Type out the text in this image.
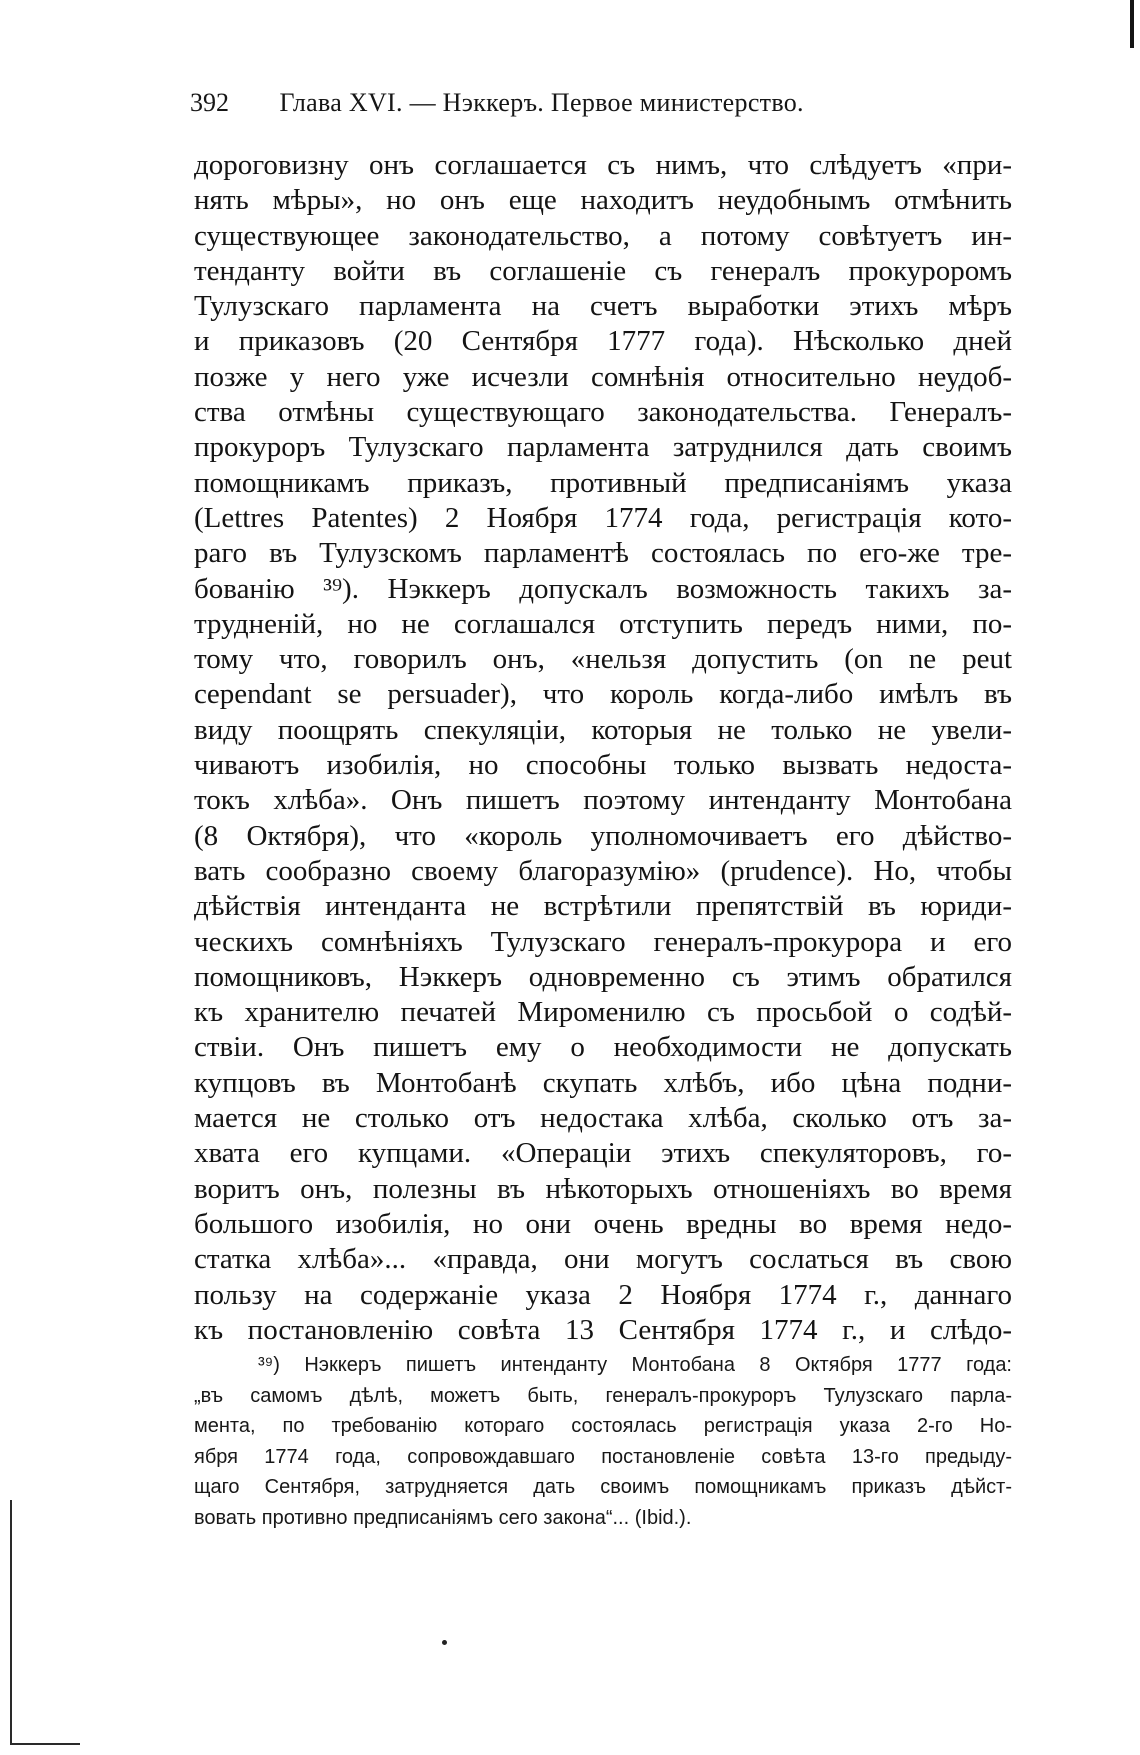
392 Глава XVI. — Нэккеръ. Первое министерство.
дороговизну онъ соглашается съ нимъ, что слѣдуетъ «при-
нять мѣры», но онъ еще находитъ неудобнымъ отмѣнить
существующее законодательство, а потому совѣтуетъ ин-
тенданту войти въ соглашеніе съ генералъ прокуроромъ
Тулузскаго парламента на счетъ выработки этихъ мѣръ
и приказовъ (20 Сентября 1777 года). Нѣсколько дней
позже у него уже исчезли сомнѣнія относительно неудоб-
ства отмѣны существующаго законодательства. Генералъ-
прокуроръ Тулузскаго парламента затруднился дать своимъ
помощникамъ приказъ, противный предписаніямъ указа
(Lettres Patentes) 2 Ноября 1774 года, регистрація кото-
раго въ Тулузскомъ парламентѣ состоялась по его-же тре-
бованію ³⁹). Нэккеръ допускалъ возможность такихъ за-
трудненій, но не соглашался отступить передъ ними, по-
тому что, говорилъ онъ, «нельзя допустить (on ne peut
cependant se persuader), что король когда-либо имѣлъ въ
виду поощрять спекуляціи, которыя не только не увели-
чиваютъ изобилія, но способны только вызвать недоста-
токъ хлѣба». Онъ пишетъ поэтому интенданту Монтобана
(8 Октября), что «король уполномочиваетъ его дѣйство-
вать сообразно своему благоразумію» (prudence). Но, чтобы
дѣйствія интенданта не встрѣтили препятствій въ юриди-
ческихъ сомнѣніяхъ Тулузскаго генералъ-прокурора и его
помощниковъ, Нэккеръ одновременно съ этимъ обратился
къ хранителю печатей Мироменилю съ просьбой о содѣй-
ствіи. Онъ пишетъ ему о необходимости не допускать
купцовъ въ Монтобанѣ скупать хлѣбъ, ибо цѣна подни-
мается не столько отъ недостака хлѣба, сколько отъ за-
хвата его купцами. «Операціи этихъ спекуляторовъ, го-
воритъ онъ, полезны въ нѣкоторыхъ отношеніяхъ во время
большого изобилія, но они очень вредны во время недо-
статка хлѣба»... «правда, они могутъ сослаться въ свою
пользу на содержаніе указа 2 Ноября 1774 г., даннаго
къ постановленію совѣта 13 Сентября 1774 г., и слѣдо-
³⁹) Нэккеръ пишетъ интенданту Монтобана 8 Октября 1777 года:
„въ самомъ дѣлѣ, можетъ быть, генералъ-прокуроръ Тулузскаго парла-
мента, по требованію котораго состоялась регистрація указа 2-го Но-
ября 1774 года, сопровождавшаго постановленіе совѣта 13-го предыду-
щаго Сентября, затрудняется дать своимъ помощникамъ приказъ дѣйст-
вовать противно предписаніямъ сего закона“... (Ibid.).
